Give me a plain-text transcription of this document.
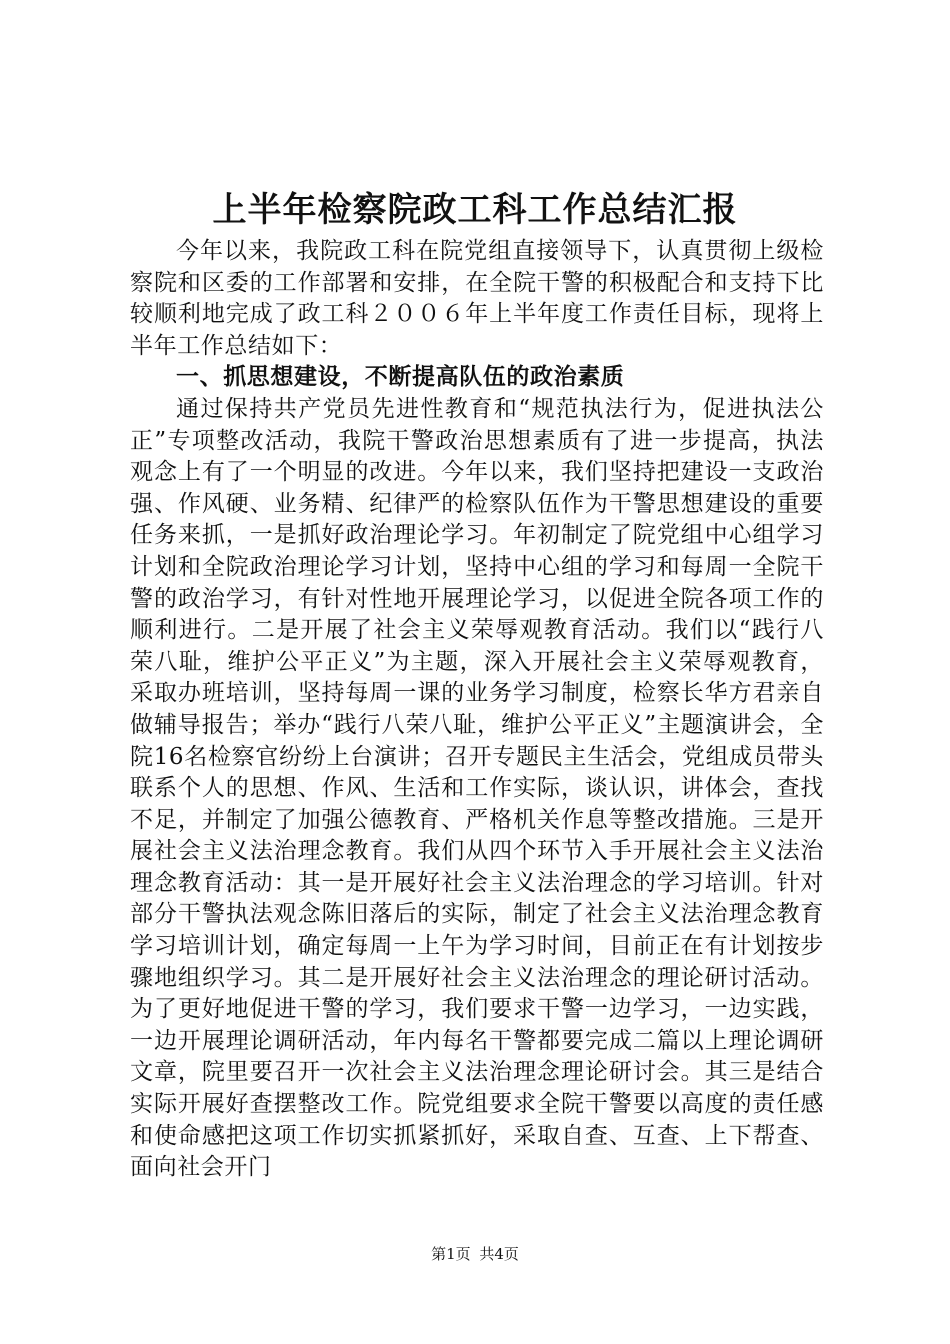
上半年检察院政工科工作总结汇报

今年以来，我院政工科在院党组直接领导下，认真贯彻上级检察院和区委的工作部署和安排，在全院干警的积极配合和支持下比较顺利地完成了政工科２００６年上半年度工作责任目标，现将上半年工作总结如下：

一、抓思想建设，不断提高队伍的政治素质

通过保持共产党员先进性教育和“规范执法行为，促进执法公正”专项整改活动，我院干警政治思想素质有了进一步提高，执法观念上有了一个明显的改进。今年以来，我们坚持把建设一支政治强、作风硬、业务精、纪律严的检察队伍作为干警思想建设的重要任务来抓，一是抓好政治理论学习。年初制定了院党组中心组学习计划和全院政治理论学习计划，坚持中心组的学习和每周一全院干警的政治学习，有针对性地开展理论学习，以促进全院各项工作的顺利进行。二是开展了社会主义荣辱观教育活动。我们以“践行八荣八耻，维护公平正义”为主题，深入开展社会主义荣辱观教育，采取办班培训，坚持每周一课的业务学习制度，检察长华方君亲自做辅导报告；举办“践行八荣八耻，维护公平正义”主题演讲会，全院16名检察官纷纷上台演讲；召开专题民主生活会，党组成员带头联系个人的思想、作风、生活和工作实际，谈认识，讲体会，查找不足，并制定了加强公德教育、严格机关作息等整改措施。三是开展社会主义法治理念教育。我们从四个环节入手开展社会主义法治理念教育活动：其一是开展好社会主义法治理念的学习培训。针对部分干警执法观念陈旧落后的实际，制定了社会主义法治理念教育学习培训计划，确定每周一上午为学习时间，目前正在有计划按步骤地组织学习。其二是开展好社会主义法治理念的理论研讨活动。为了更好地促进干警的学习，我们要求干警一边学习，一边实践，一边开展理论调研活动，年内每名干警都要完成二篇以上理论调研文章，院里要召开一次社会主义法治理念理论研讨会。其三是结合实际开展好查摆整改工作。院党组要求全院干警要以高度的责任感和使命感把这项工作切实抓紧抓好，采取自查、互查、上下帮查、面向社会开门

第1页 共4页
